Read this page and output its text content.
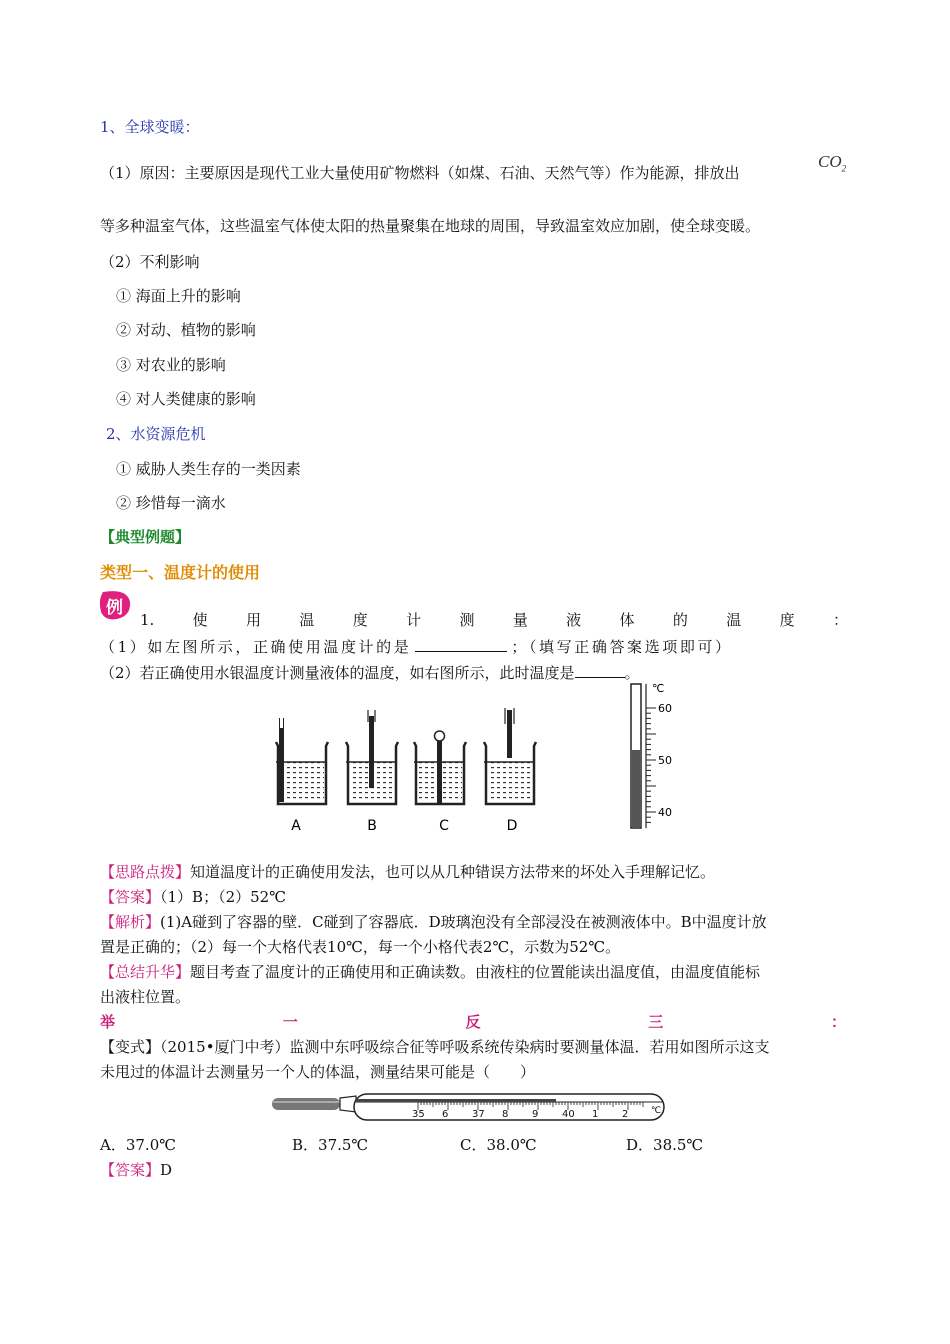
1、全球变暖：
（1）原因：主要原因是现代工业大量使用矿物燃料（如煤、石油、天然气等）作为能源，排放出
$CO_2$
等多种温室气体，这些温室气体使太阳的热量聚集在地球的周围，导致温室效应加剧，使全球变暖。
（2）不利影响
① 海面上升的影响
② 对动、植物的影响
③ 对农业的影响
④ 对人类健康的影响
2、水资源危机
① 威胁人类生存的一类因素
② 珍惜每一滴水
【典型例题】
类型一、温度计的使用
例
1.	使	用	温	度	计	测	量	液	体	的	温	度	：
（1）如左图所示，正确使用温度计的是	；（填写正确答案选项即可）
（2）若正确使用水银温度计测量液体的温度，如右图所示，此时温度是	。
A	B	C	D
℃
60
50
40
【思路点拨】知道温度计的正确使用发法，也可以从几种错误方法带来的坏处入手理解记忆。
【答案】（1）B；（2）52℃
【解析】(1)A碰到了容器的壁．C碰到了容器底．D玻璃泡没有全部浸没在被测液体中。B中温度计放
置是正确的；（2）每一个大格代表10℃，每一个小格代表2℃，示数为52℃。
【总结升华】题目考查了温度计的正确使用和正确读数。由液柱的位置能读出温度值，由温度值能标
出液柱位置。
举	一	反	三	：
【变式】（2015•厦门中考）监测中东呼吸综合征等呼吸系统传染病时要测量体温．若用如图所示这支
未甩过的体温计去测量另一个人的体温，测量结果可能是（　　）
35 6 37 8 9 40 1 2	℃
A．37.0℃	B．37.5℃	C．38.0℃	D．38.5℃
【答案】D
